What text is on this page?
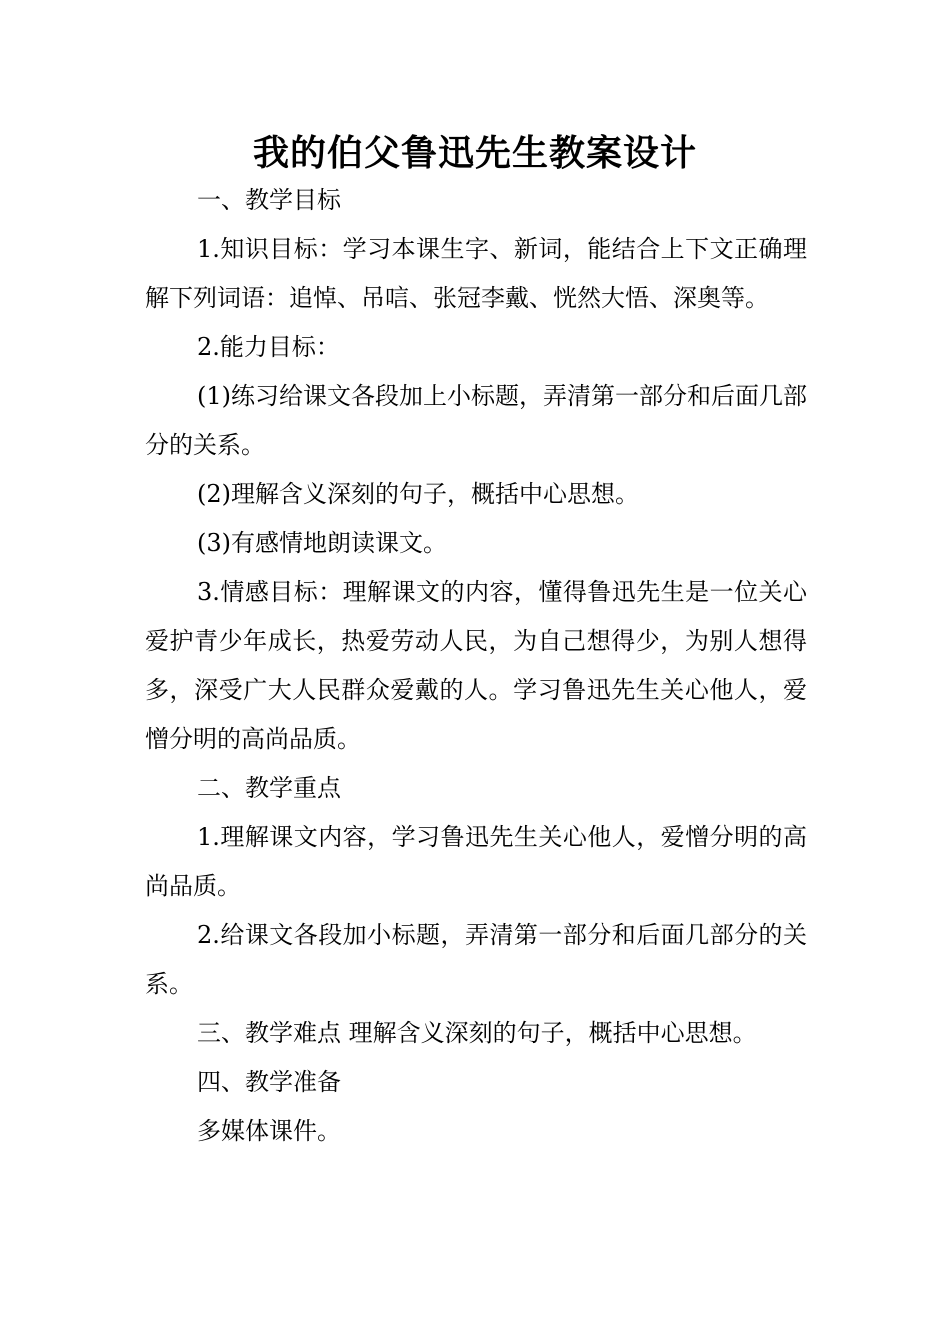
我的伯父鲁迅先生教案设计

一、教学目标

1.知识目标：学习本课生字、新词，能结合上下文正确理解下列词语：追悼、吊唁、张冠李戴、恍然大悟、深奥等。

2.能力目标：

(1)练习给课文各段加上小标题，弄清第一部分和后面几部分的关系。

(2)理解含义深刻的句子，概括中心思想。

(3)有感情地朗读课文。

3.情感目标：理解课文的内容，懂得鲁迅先生是一位关心爱护青少年成长，热爱劳动人民，为自己想得少，为别人想得多，深受广大人民群众爱戴的人。学习鲁迅先生关心他人，爱憎分明的高尚品质。

二、教学重点

1.理解课文内容，学习鲁迅先生关心他人，爱憎分明的高尚品质。

2.给课文各段加小标题，弄清第一部分和后面几部分的关系。

三、教学难点 理解含义深刻的句子，概括中心思想。

四、教学准备

多媒体课件。
